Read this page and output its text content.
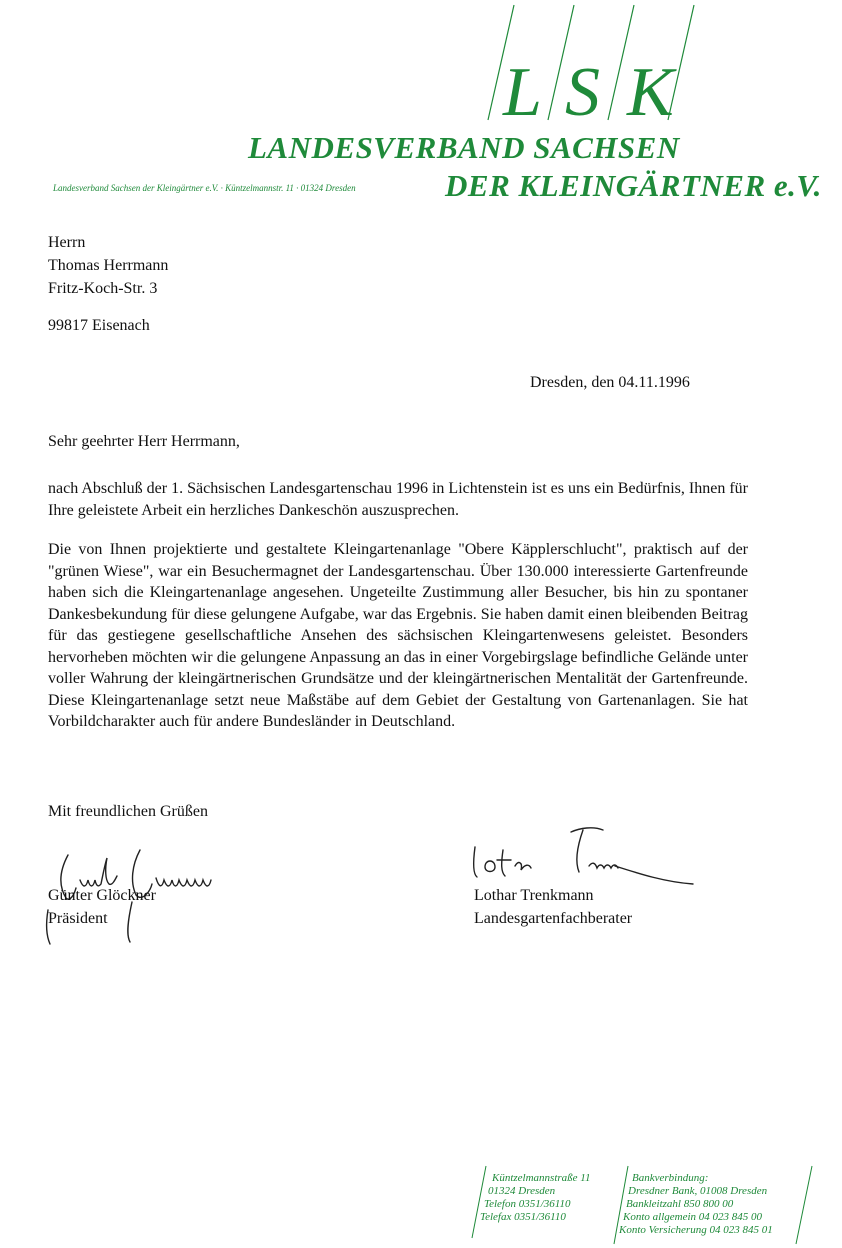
L S K
LANDESVERBAND SACHSEN
DER KLEINGÄRTNER e.V.
Landesverband Sachsen der Kleingärtner e.V. · Küntzelmannstr. 11 · 01324 Dresden
Herrn
Thomas Herrmann
Fritz-Koch-Str. 3
99817 Eisenach
Dresden, den 04.11.1996
Sehr geehrter Herr Herrmann,
nach Abschluß der 1. Sächsischen Landesgartenschau 1996 in Lichtenstein ist es uns ein Bedürfnis, Ihnen für Ihre geleistete Arbeit ein herzliches Dankeschön auszusprechen.
Die von Ihnen projektierte und gestaltete Kleingartenanlage "Obere Käpplerschlucht", praktisch auf der "grünen Wiese", war ein Besuchermagnet der Landesgartenschau. Über 130.000 interessierte Gartenfreunde haben sich die Kleingartenanlage angesehen. Ungeteilte Zustimmung aller Besucher, bis hin zu spontaner Dankesbekundung für diese gelungene Aufgabe, war das Ergebnis. Sie haben damit einen bleibenden Beitrag für das gestiegene gesellschaftliche Ansehen des sächsischen Kleingartenwesens geleistet. Besonders hervorheben möchten wir die gelungene Anpassung an das in einer Vorgebirgslage befindliche Gelände unter voller Wahrung der kleingärtnerischen Grundsätze und der kleingärtnerischen Mentalität der Gartenfreunde. Diese Kleingartenanlage setzt neue Maßstäbe auf dem Gebiet der Gestaltung von Gartenanlagen. Sie hat Vorbildcharakter auch für andere Bundesländer in Deutschland.
Mit freundlichen Grüßen
Günter Glöckner
Präsident
Lothar Trenkmann
Landesgartenfachberater
Küntzelmannstraße 11
01324 Dresden
Telefon 0351/36110
Telefax 0351/36110
Bankverbindung:
Dresdner Bank, 01008 Dresden
Bankleitzahl 850 800 00
Konto allgemein 04 023 845 00
Konto Versicherung 04 023 845 01
